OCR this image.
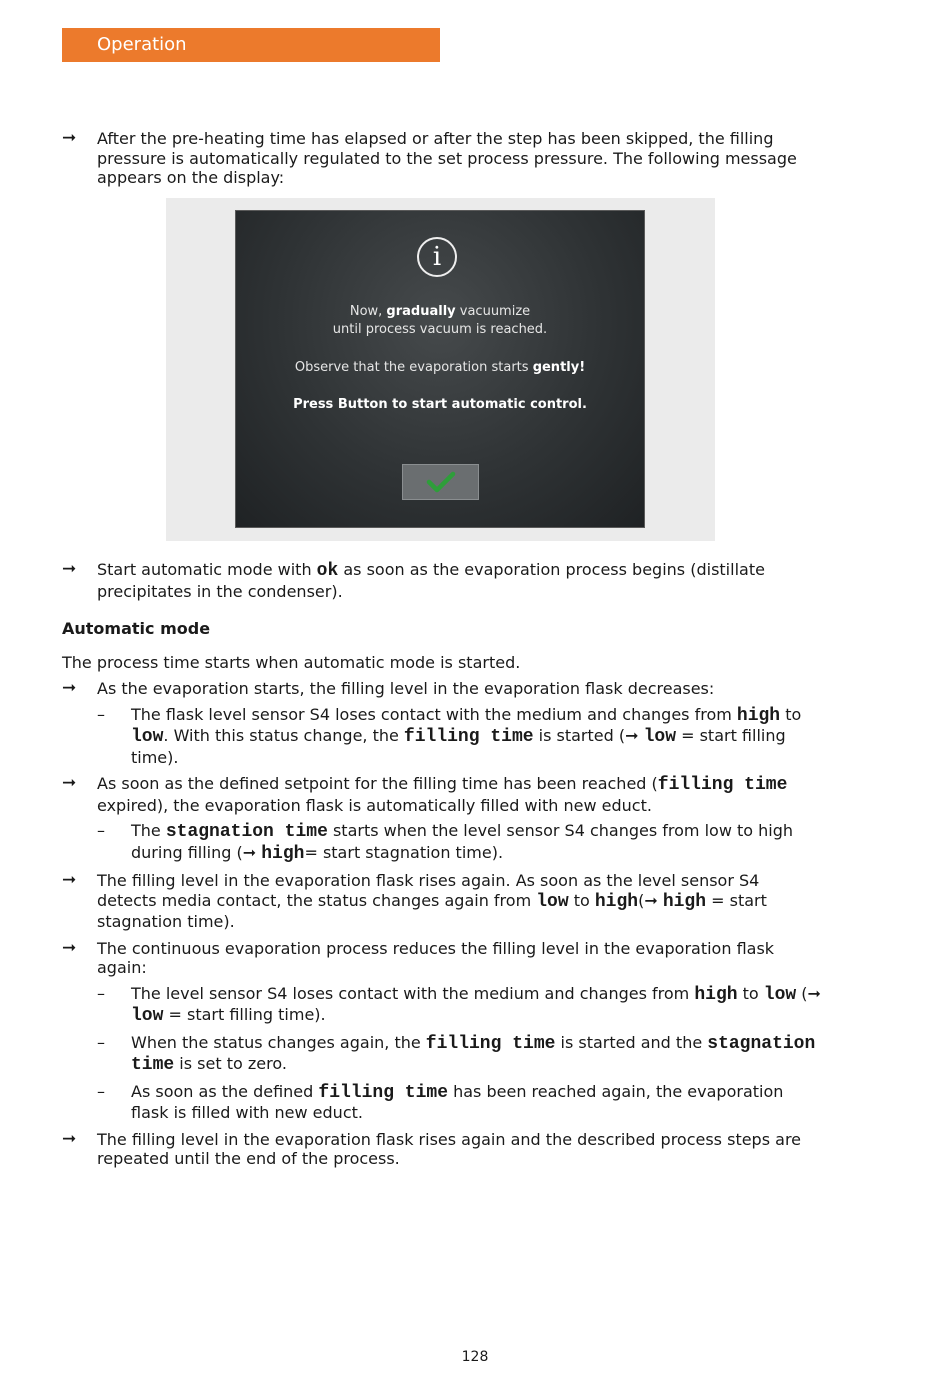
Operation
➞	After the pre-heating time has elapsed or after the step has been skipped, the filling pressure is automatically regulated to the set process pressure. The following message appears on the display:
i
Now, gradually vacuumize
until process vacuum is reached.
Observe that the evaporation starts gently!
Press Button to start automatic control.
➞	Start automatic mode with ok as soon as the evaporation process begins (distillate precipitates in the condenser).
Automatic mode
The process time starts when automatic mode is started.
➞	As the evaporation starts, the filling level in the evaporation flask decreases:
– The flask level sensor S4 loses contact with the medium and changes from high to low. With this status change, the filling time is started (➞ low = start filling time).
➞	As soon as the defined setpoint for the filling time has been reached (filling time expired), the evaporation flask is automatically filled with new educt.
– The stagnation time starts when the level sensor S4 changes from low to high during filling (➞ high= start stagnation time).
➞	The filling level in the evaporation flask rises again. As soon as the level sensor S4 detects media contact, the status changes again from low to high(➞ high = start stagnation time).
➞	The continuous evaporation process reduces the filling level in the evaporation flask again:
– The level sensor S4 loses contact with the medium and changes from high to low (➞ low = start filling time).
– When the status changes again, the filling time is started and the stagnation time is set to zero.
– As soon as the defined filling time has been reached again, the evaporation flask is filled with new educt.
➞	The filling level in the evaporation flask rises again and the described process steps are repeated until the end of the process.
128
